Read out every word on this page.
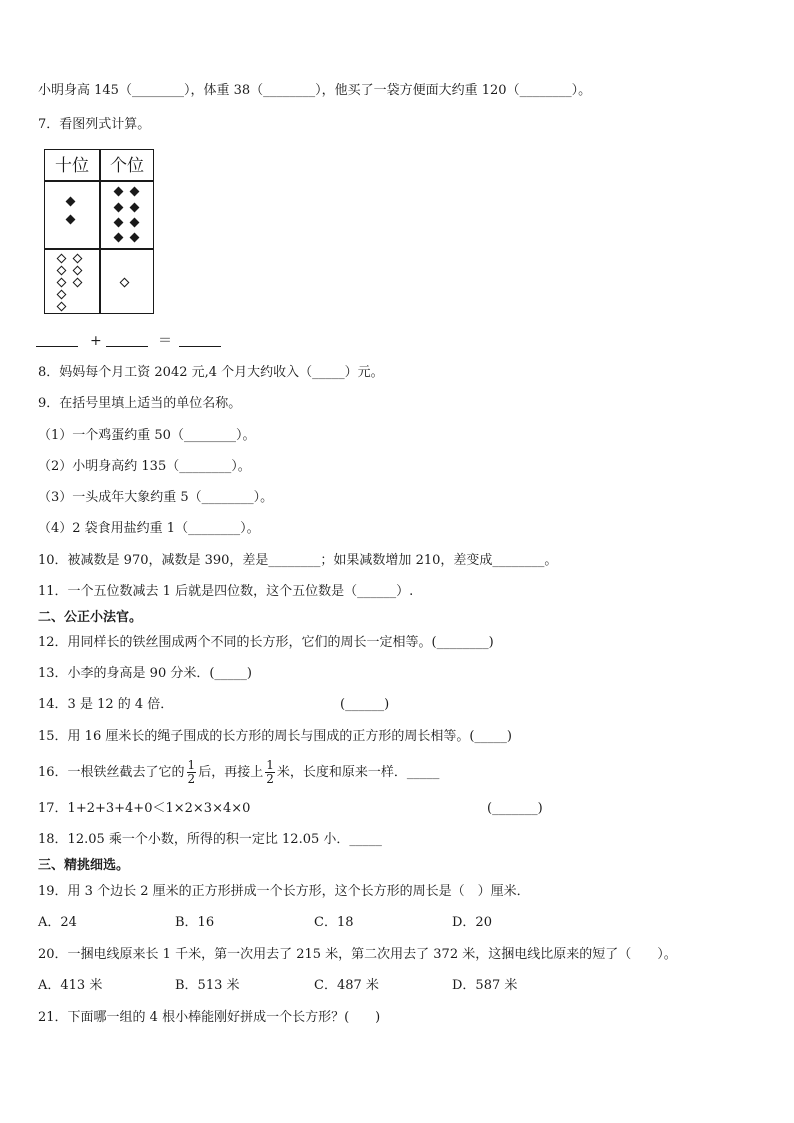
小明身高 145（________），体重 38（________），他买了一袋方便面大约重 120（________）。
7．看图列式计算。
十位	个位
+	＝
8．妈妈每个月工资 2042 元,4 个月大约收入（_____）元。
9．在括号里填上适当的单位名称。
（1）一个鸡蛋约重 50（________）。
（2）小明身高约 135（________）。
（3）一头成年大象约重 5（________）。
（4）2 袋食用盐约重 1（________）。
10．被减数是 970，减数是 390，差是________；如果减数增加 210，差变成________。
11．一个五位数减去 1 后就是四位数，这个五位数是（______）.
二、公正小法官。
12．用同样长的铁丝围成两个不同的长方形，它们的周长一定相等。(________)
13．小李的身高是 90 分米．(_____)
14．3 是 12 的 4 倍．	(______)
15．用 16 厘米长的绳子围成的长方形的周长与围成的正方形的周长相等。(_____)
16．一根铁丝截去了它的 $\frac{1}{2}$ 后，再接上 $\frac{1}{2}$ 米，长度和原来一样．_____
17．1+2+3+4+0＜1×2×3×4×0	(_______)
18．12.05 乘一个小数，所得的积一定比 12.05 小．_____
三、精挑细选。
19．用 3 个边长 2 厘米的正方形拼成一个长方形，这个长方形的周长是（　）厘米．
A．24	B．16	C．18	D．20
20．一捆电线原来长 1 千米，第一次用去了 215 米，第二次用去了 372 米，这捆电线比原来的短了（　　）。
A．413 米	B．513 米	C．487 米	D．587 米
21．下面哪一组的 4 根小棒能刚好拼成一个长方形？(　　)
